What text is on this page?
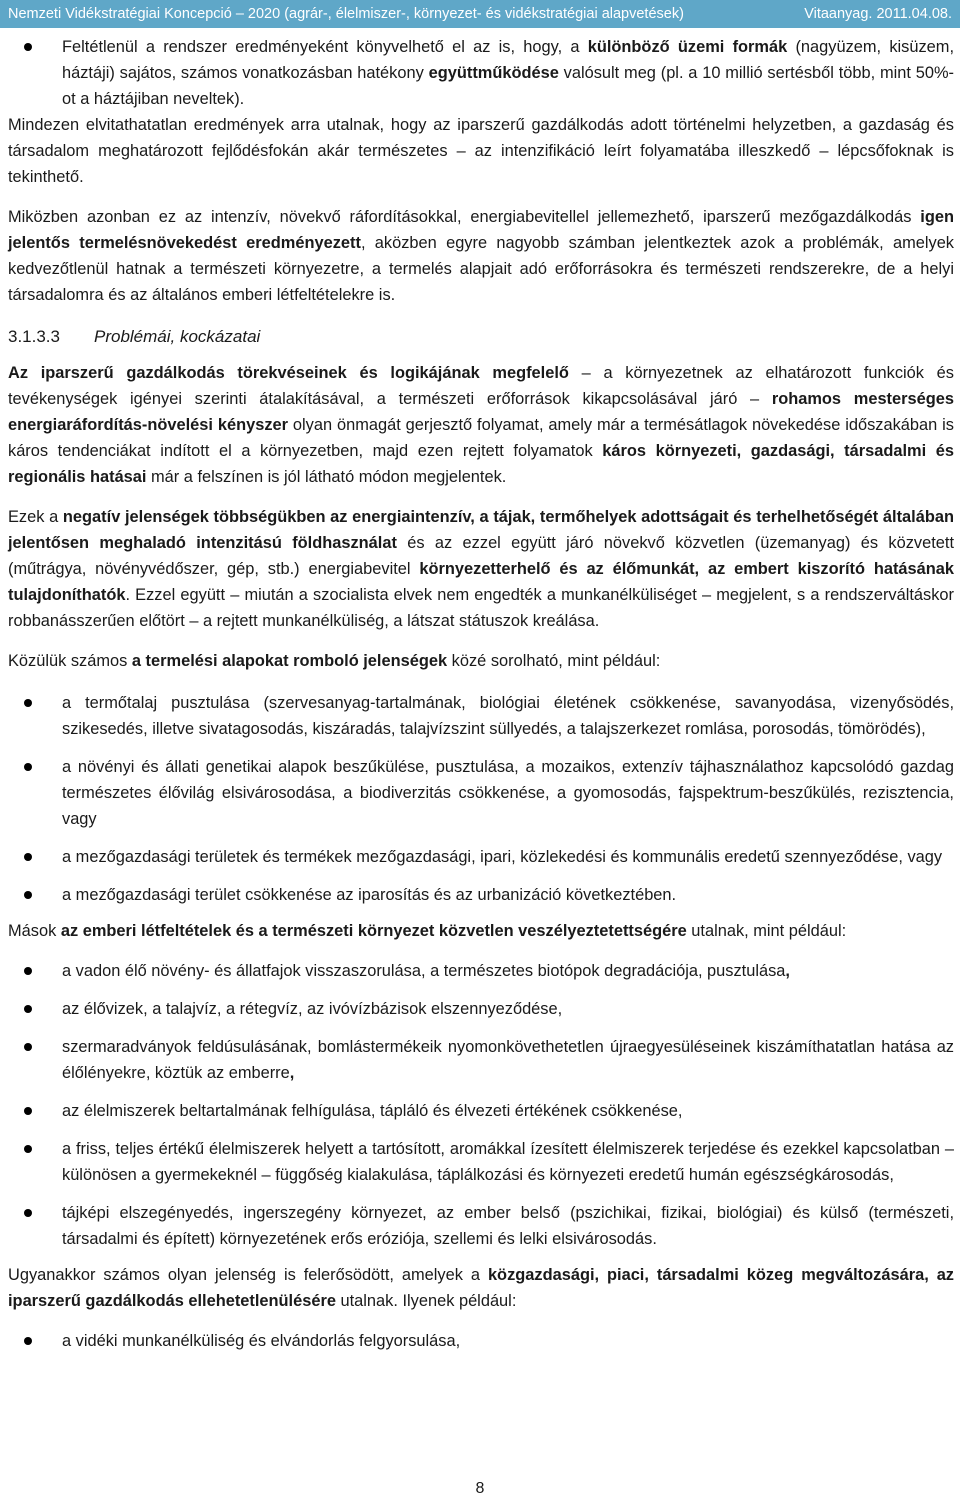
Nemzeti Vidékstratégiai Koncepció – 2020 (agrár-, élelmiszer-, környezet- és vidékstratégiai alapvetések)	Vitaanyag. 2011.04.08.
Feltétlenül a rendszer eredményeként könyvelhető el az is, hogy, a különböző üzemi formák (nagyüzem, kisüzem, háztáji) sajátos, számos vonatkozásban hatékony együttműködése valósult meg (pl. a 10 millió sertésből több, mint 50%-ot a háztájiban neveltek).

Mindezen elvitathatatlan eredmények arra utalnak, hogy az iparszerű gazdálkodás adott történelmi helyzetben, a gazdaság és társadalom meghatározott fejlődésfokán akár természetes – az intenzifikáció leírt folyamatába illeszkedő – lépcsőfoknak is tekinthető.

Miközben azonban ez az intenzív, növekvő ráfordításokkal, energiabevitellel jellemezhető, iparszerű mezőgazdálkodás igen jelentős termelésnövekedést eredményezett, aközben egyre nagyobb számban jelentkeztek azok a problémák, amelyek kedvezőtlenül hatnak a természeti környezetre, a termelés alapjait adó erőforrásokra és természeti rendszerekre, de a helyi társadalomra és az általános emberi létfeltételekre is.

3.1.3.3 Problémái, kockázatai

Az iparszerű gazdálkodás törekvéseinek és logikájának megfelelő – a környezetnek az elhatározott funkciók és tevékenységek igényei szerinti átalakításával, a természeti erőforrások kikapcsolásával járó – rohamos mesterséges energiaráfordítás-növelési kényszer olyan önmagát gerjesztő folyamat, amely már a termésátlagok növekedése időszakában is káros tendenciákat indított el a környezetben, majd ezen rejtett folyamatok káros környezeti, gazdasági, társadalmi és regionális hatásai már a felszínen is jól látható módon megjelentek.

Ezek a negatív jelenségek többségükben az energiaintenzív, a tájak, termőhelyek adottságait és terhelhetőségét általában jelentősen meghaladó intenzitású földhasználat és az ezzel együtt járó növekvő közvetlen (üzemanyag) és közvetett (műtrágya, növényvédőszer, gép, stb.) energiabevitel környezetterhelő és az élőmunkát, az embert kiszorító hatásának tulajdoníthatók. Ezzel együtt – miután a szocialista elvek nem engedték a munkanélküliséget – megjelent, s a rendszerváltáskor robbanásszerűen előtört – a rejtett munkanélküliség, a látszat státuszok kreálása.

Közülük számos a termelési alapokat romboló jelenségek közé sorolható, mint például:

a termőtalaj pusztulása (szervesanyag-tartalmának, biológiai életének csökkenése, savanyodása, vizenyősödés, szikesedés, illetve sivatagosodás, kiszáradás, talajvízszint süllyedés, a talajszerkezet romlása, porosodás, tömörödés),
a növényi és állati genetikai alapok beszűkülése, pusztulása, a mozaikos, extenzív tájhasználathoz kapcsolódó gazdag természetes élővilág elsivárosodása, a biodiverzitás csökkenése, a gyomosodás, fajspektrum-beszűkülés, rezisztencia, vagy
a mezőgazdasági területek és termékek mezőgazdasági, ipari, közlekedési és kommunális eredetű szennyeződése, vagy
a mezőgazdasági terület csökkenése az iparosítás és az urbanizáció következtében.

Mások az emberi létfeltételek és a természeti környezet közvetlen veszélyeztetettségére utalnak, mint például:

a vadon élő növény- és állatfajok visszaszorulása, a természetes biotópok degradációja, pusztulása,
az élővizek, a talajvíz, a rétegvíz, az ivóvízbázisok elszennyeződése,
szermaradványok feldúsulásának, bomlástermékeik nyomonkövethetetlen újraegyesüléseinek kiszámíthatatlan hatása az élőlényekre, köztük az emberre,
az élelmiszerek beltartalmának felhígulása, tápláló és élvezeti értékének csökkenése,
a friss, teljes értékű élelmiszerek helyett a tartósított, aromákkal ízesített élelmiszerek terjedése és ezekkel kapcsolatban – különösen a gyermekeknél – függőség kialakulása, táplálkozási és környezeti eredetű humán egészségkárosodás,
tájképi elszegényedés, ingerszegény környezet, az ember belső (pszichikai, fizikai, biológiai) és külső (természeti, társadalmi és épített) környezetének erős eróziója, szellemi és lelki elsivárosodás.

Ugyanakkor számos olyan jelenség is felerősödött, amelyek a közgazdasági, piaci, társadalmi közeg megváltozására, az iparszerű gazdálkodás ellehetetlenülésére utalnak. Ilyenek például:

a vidéki munkanélküliség és elvándorlás felgyorsulása,
8
